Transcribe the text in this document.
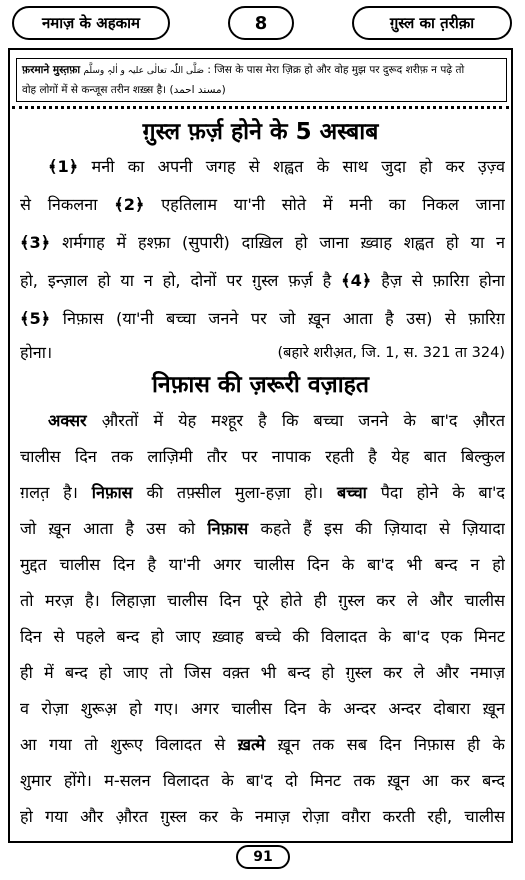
नमाज़ के अहकाम	8	ग़ुस्ल का त़रीक़ा
फ़रमाने मुस्त़फ़ा صَلَّی اللّٰہ تعالٰی علیہ و اٰلہٖ وسلَّم : जिस के पास मेरा ज़िक्र हो और वोह मुझ पर दुरूद शरीफ़ न पढ़े तो
वोह लोगों में से कन्जूस तरीन शख़्स है। (مسند احمد)
ग़ुस्ल फ़र्ज़ होने के 5 अस्बाब
﴾1﴿ मनी का अपनी जगह से शह्वत के साथ जुदा हो कर उ़ज़्व
से निकलना ﴾2﴿ एहतिलाम या'नी सोते में मनी का निकल जाना
﴾3﴿ शर्मगाह में हश्फ़ा (सुपारी) दाख़िल हो जाना ख़्वाह शह्वत हो या न
हो, इन्ज़ाल हो या न हो, दोनों पर ग़ुस्ल फ़र्ज़ है ﴾4﴿ हैज़ से फ़ारिग़ होना
﴾5﴿ निफ़ास (या'नी बच्चा जनने पर जो ख़ून आता है उस) से फ़ारिग़
होना।	(बहारे शरीअ़त, जि. 1, स. 321 ता 324)
निफ़ास की ज़रूरी वज़ाहत
अक्सर औ़रतों में येह मश्हूर है कि बच्चा जनने के बा'द औ़रत
चालीस दिन तक लाज़िमी तौर पर नापाक रहती है येह बात बिल्कुल
ग़लत़ है। निफ़ास की तफ़्सील मुला-हज़ा हो। बच्चा पैदा होने के बा'द
जो ख़ून आता है उस को निफ़ास कहते हैं इस की ज़ियादा से ज़ियादा
मुद्दत चालीस दिन है या'नी अगर चालीस दिन के बा'द भी बन्द न हो
तो मरज़ है। लिहाज़ा चालीस दिन पूरे होते ही ग़ुस्ल कर ले और चालीस
दिन से पहले बन्द हो जाए ख़्वाह बच्चे की विलादत के बा'द एक मिनट
ही में बन्द हो जाए तो जिस वक़्त भी बन्द हो ग़ुस्ल कर ले और नमाज़
व रोज़ा शुरूअ़ हो गए। अगर चालीस दिन के अन्दर अन्दर दोबारा ख़ून
आ गया तो शुरूए विलादत से ख़त्मे ख़ून तक सब दिन निफ़ास ही के
शुमार होंगे। म-सलन विलादत के बा'द दो मिनट तक ख़ून आ कर बन्द
हो गया और औ़रत ग़ुस्ल कर के नमाज़ रोज़ा वग़ैरा करती रही, चालीस
91
